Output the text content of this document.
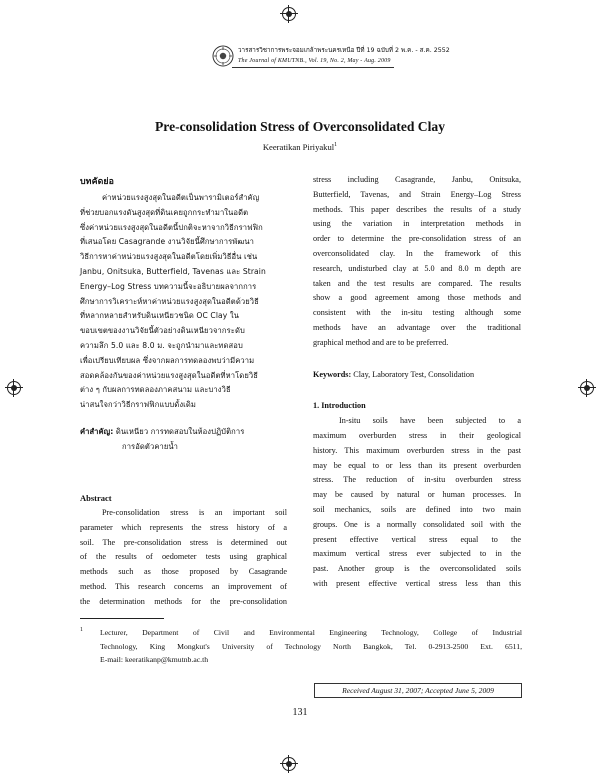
วารสารวิชาการพระจอมเกล้าพระนครเหนือ ปีที่ 19 ฉบับที่ 2 พ.ค. - ส.ค. 2552
The Journal of KMUTNB., Vol. 19, No. 2, May - Aug. 2009
Pre-consolidation Stress of Overconsolidated Clay
Keeratikan Piriyakul$^1$
บทคัดย่อ
ค่าหน่วยแรงสูงสุดในอดีตเป็นพารามิเตอร์สำคัญ
ที่ช่วยบอกแรงดันสูงสุดที่ดินเคยถูกกระทำมาในอดีต
ซึ่งค่าหน่วยแรงสูงสุดในอดีตนี้ปกติจะหาจากวิธีกราฟฟิก
ที่เสนอโดย Casagrande งานวิจัยนี้ศึกษาการพัฒนา
วิธีการหาค่าหน่วยแรงสูงสุดในอดีตโดยเพิ่มวิธีอื่น เช่น
Janbu, Onitsuka, Butterfield, Tavenas และ Strain
Energy–Log Stress บทความนี้จะอธิบายผลจากการ
ศึกษาการวิเคราะห์หาค่าหน่วยแรงสูงสุดในอดีตด้วยวิธี
ที่หลากหลายสำหรับดินเหนียวชนิด OC Clay ใน
ขอบเขตของงานวิจัยนี้ตัวอย่างดินเหนียวจากระดับ
ความลึก 5.0 และ 8.0 ม. จะถูกนำมาและทดสอบ
เพื่อเปรียบเทียบผล ซึ่งจากผลการทดลองพบว่ามีความ
สอดคล้องกันของค่าหน่วยแรงสูงสุดในอดีตที่หาโดยวิธี
ต่าง ๆ กับผลการทดลองภาคสนาม และบางวิธี
น่าสนใจกว่าวิธีกราฟฟิกแบบดั้งเดิม
คำสำคัญ: ดินเหนียว การทดสอบในห้องปฏิบัติการ
การอัดตัวคายน้ำ
Abstract
Pre-consolidation stress is an important soil
parameter which represents the stress history of a
soil. The pre-consolidation stress is determined out
of the results of oedometer tests using graphical
methods such as those proposed by Casagrande
method. This research concerns an improvement of
the determination methods for the pre-consolidation
stress including Casagrande, Janbu, Onitsuka,
Butterfield, Tavenas, and Strain Energy–Log Stress
methods. This paper describes the results of a study
using the variation in interpretation methods in
order to determine the pre-consolidation stress of an
overconsolidated clay. In the framework of this
research, undisturbed clay at 5.0 and 8.0 m depth are
taken and the test results are compared. The results
show a good agreement among those methods and
consistent with the in-situ testing although some
methods have an advantage over the traditional
graphical method and are to be preferred.
Keywords: Clay, Laboratory Test, Consolidation
1. Introduction
In-situ soils have been subjected to a
maximum overburden stress in their geological
history. This maximum overburden stress in the past
may be equal to or less than its present overburden
stress. The reduction of in-situ overburden stress
may be caused by natural or human processes. In
soil mechanics, soils are defined into two main
groups. One is a normally consolidated soil with the
present effective vertical stress equal to the
maximum vertical stress ever subjected to in the
past. Another group is the overconsolidated soils
with present effective vertical stress less than this
1 Lecturer, Department of Civil and Environmental Engineering Technology, College of Industrial
Technology, King Mongkut's University of Technology North Bangkok, Tel. 0-2913-2500 Ext. 6511,
E-mail: keeratikanp@kmutnb.ac.th
Received August 31, 2007; Accepted June 5, 2009
131
